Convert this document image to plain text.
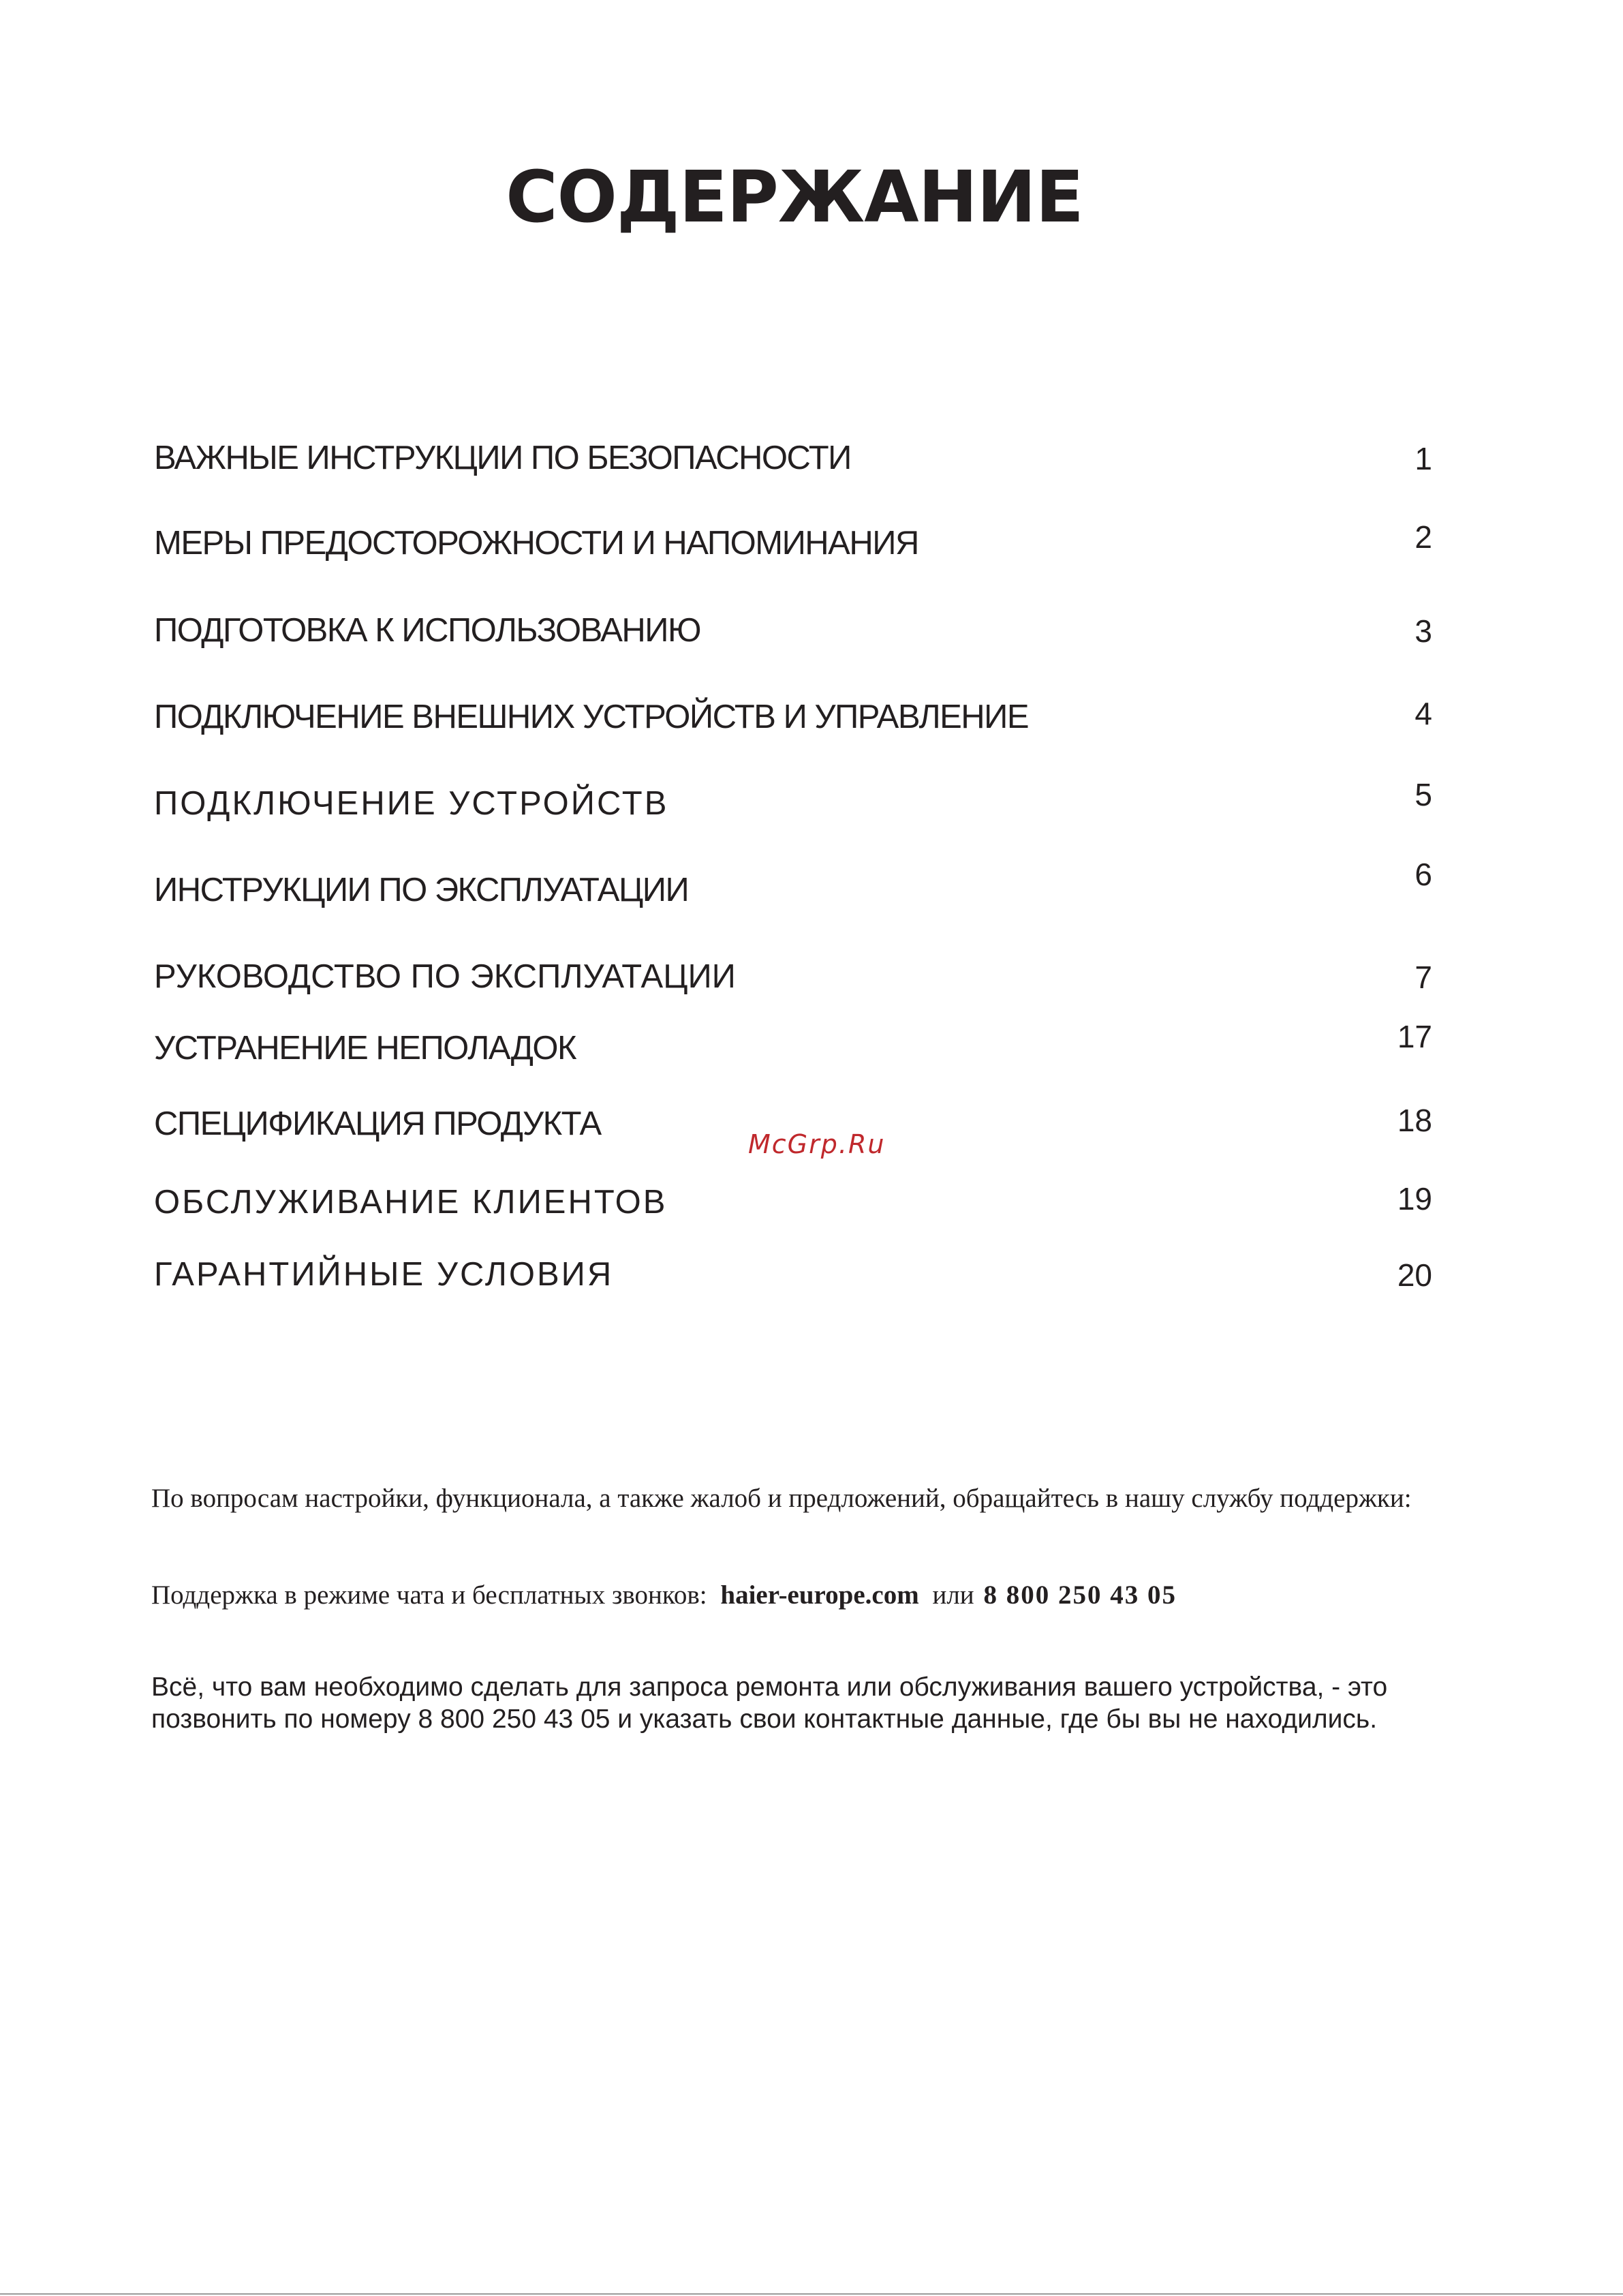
СОДЕРЖАНИЕ
ВАЖНЫЕ ИНСТРУКЦИИ ПО БЕЗОПАСНОСТИ	1
МЕРЫ ПРЕДОСТОРОЖНОСТИ И НАПОМИНАНИЯ	2
ПОДГОТОВКА К ИСПОЛЬЗОВАНИЮ	3
ПОДКЛЮЧЕНИЕ ВНЕШНИХ УСТРОЙСТВ И УПРАВЛЕНИЕ	4
ПОДКЛЮЧЕНИЕ УСТРОЙСТВ	5
ИНСТРУКЦИИ ПО ЭКСПЛУАТАЦИИ	6
РУКОВОДСТВО ПО ЭКСПЛУАТАЦИИ	7
УСТРАНЕНИЕ НЕПОЛАДОК	17
СПЕЦИФИКАЦИЯ ПРОДУКТА	18
ОБСЛУЖИВАНИЕ КЛИЕНТОВ	19
ГАРАНТИЙНЫЕ УСЛОВИЯ	20
McGrp.Ru
По вопросам настройки, функционала, а также жалоб и предложений, обращайтесь в нашу службу поддержки:
Поддержка в режиме чата и бесплатных звонков: haier-europe.com или 8 800 250 43 05
Всё, что вам необходимо сделать для запроса ремонта или обслуживания вашего устройства, - это позвонить по номеру 8 800 250 43 05 и указать свои контактные данные, где бы вы не находились.
